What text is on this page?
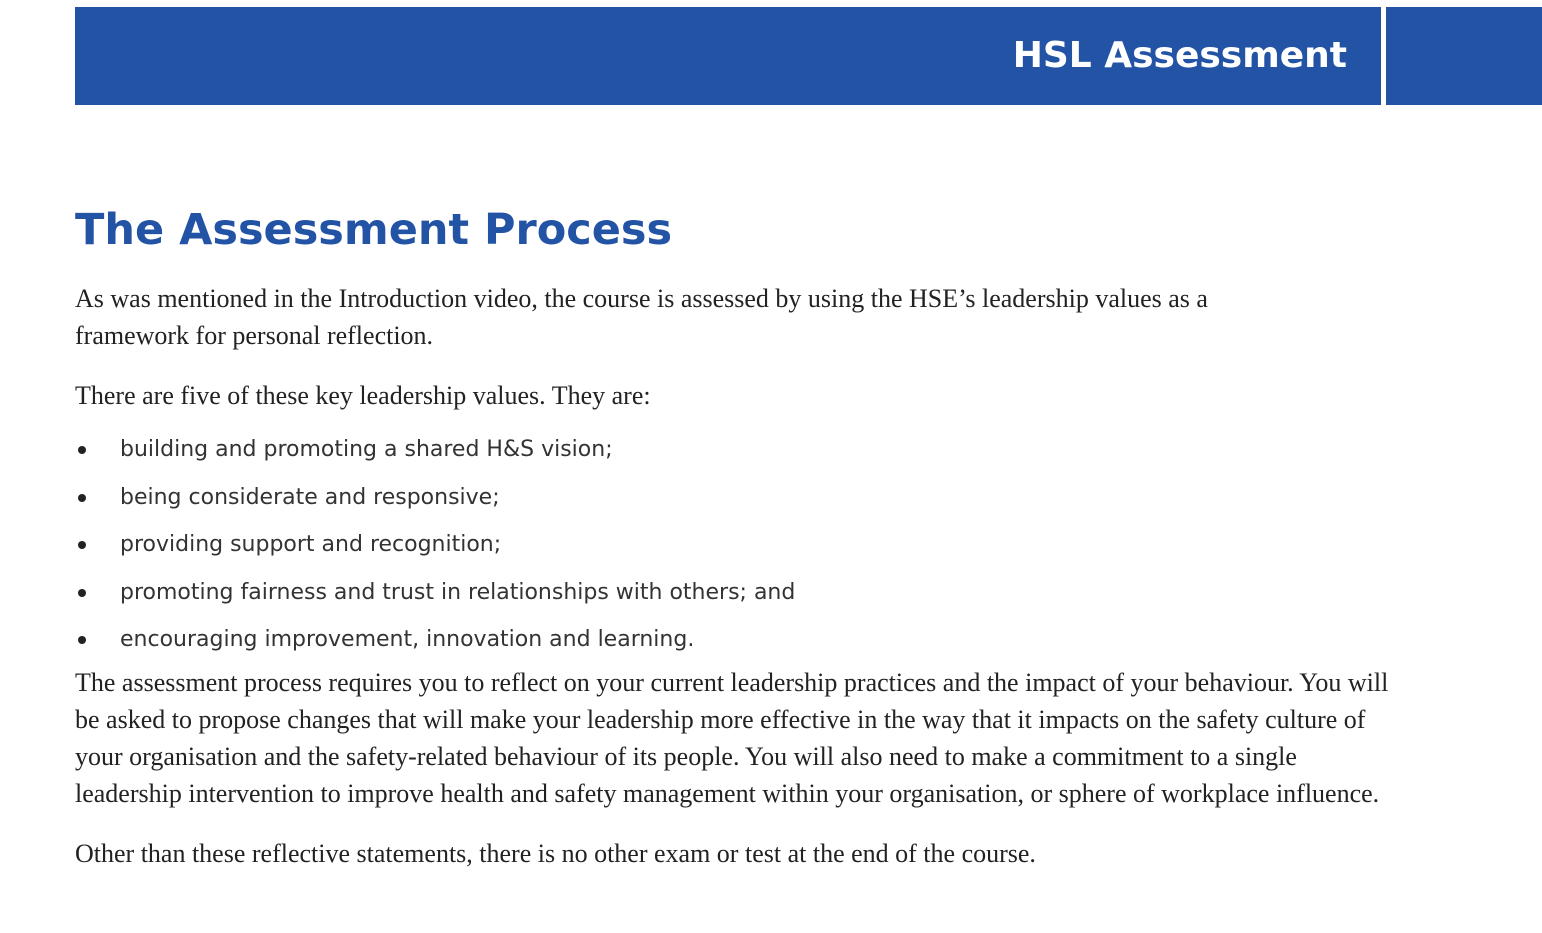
HSL Assessment
The Assessment Process

As was mentioned in the Introduction video, the course is assessed by using the HSE’s leadership values as a framework for personal reflection.

There are five of these key leadership values. They are:

building and promoting a shared H&S vision;
being considerate and responsive;
providing support and recognition;
promoting fairness and trust in relationships with others; and
encouraging improvement, innovation and learning.

The assessment process requires you to reflect on your current leadership practices and the impact of your behaviour. You will be asked to propose changes that will make your leadership more effective in the way that it impacts on the safety culture of your organisation and the safety-related behaviour of its people. You will also need to make a commitment to a single leadership intervention to improve health and safety management within your organisation, or sphere of workplace influence.

Other than these reflective statements, there is no other exam or test at the end of the course.
